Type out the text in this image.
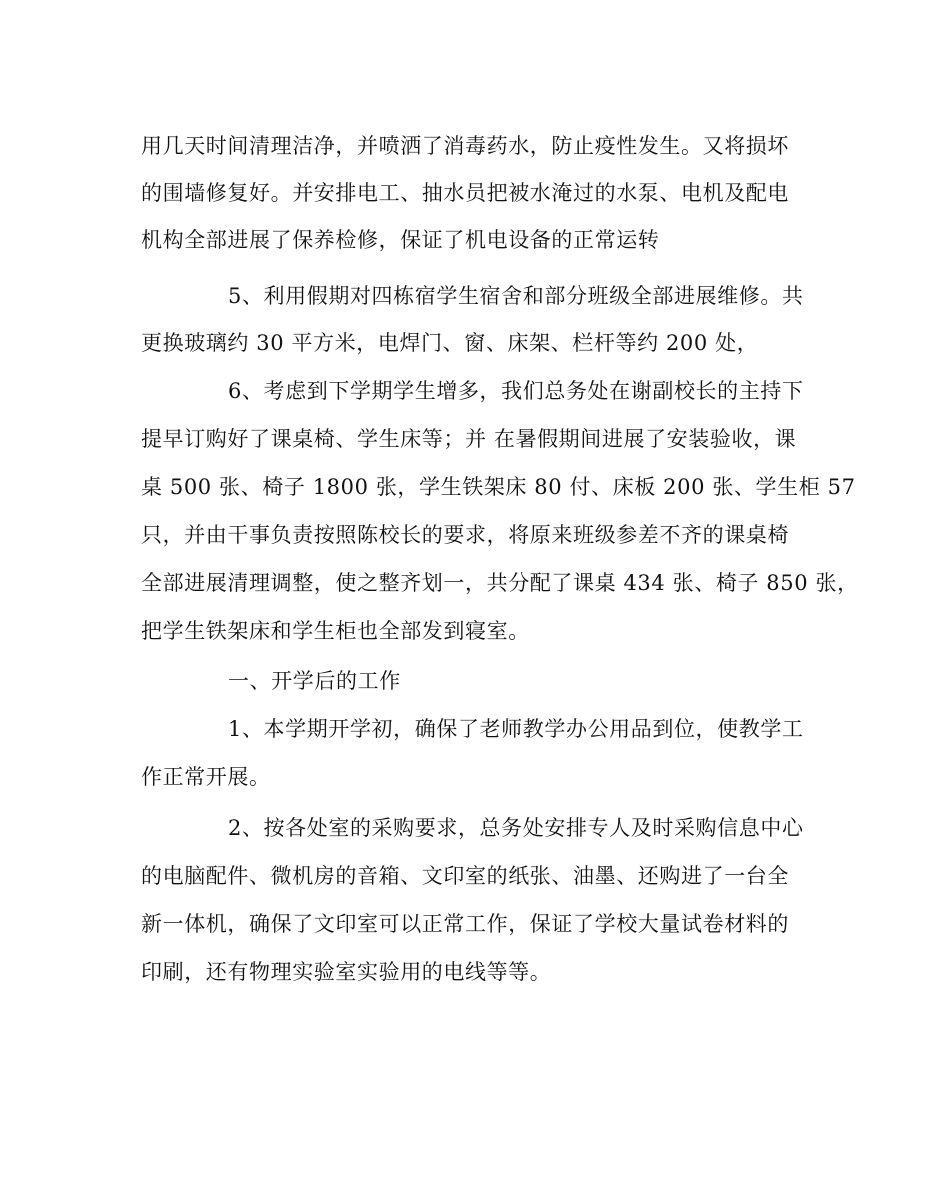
用几天时间清理洁净，并喷洒了消毒药水，防止疫性发生。又将损坏
的围墙修复好。并安排电工、抽水员把被水淹过的水泵、电机及配电
机构全部进展了保养检修，保证了机电设备的正常运转
5、利用假期对四栋宿学生宿舍和部分班级全部进展维修。共
更换玻璃约 30 平方米，电焊门、窗、床架、栏杆等约 200 处，
6、考虑到下学期学生增多，我们总务处在谢副校长的主持下
提早订购好了课桌椅、学生床等；并 在暑假期间进展了安装验收，课
桌 500 张、椅子 1800 张，学生铁架床 80 付、床板 200 张、学生柜 57
只，并由干事负责按照陈校长的要求，将原来班级参差不齐的课桌椅
全部进展清理调整，使之整齐划一，共分配了课桌 434 张、椅子 850 张，
把学生铁架床和学生柜也全部发到寝室。
一、开学后的工作
1、本学期开学初，确保了老师教学办公用品到位，使教学工
作正常开展。
2、按各处室的采购要求，总务处安排专人及时采购信息中心
的电脑配件、微机房的音箱、文印室的纸张、油墨、还购进了一台全
新一体机，确保了文印室可以正常工作，保证了学校大量试卷材料的
印刷，还有物理实验室实验用的电线等等。
